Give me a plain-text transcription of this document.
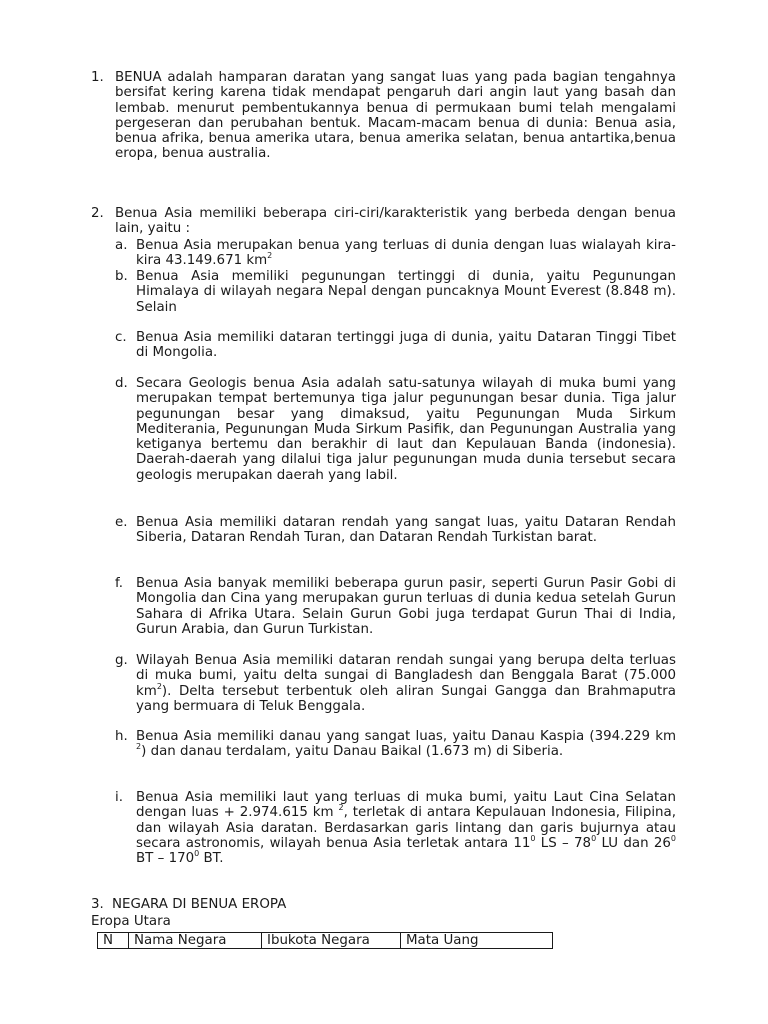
1. BENUA adalah hamparan daratan yang sangat luas yang pada bagian tengahnya bersifat kering karena tidak mendapat pengaruh dari angin laut yang basah dan lembab. menurut pembentukannya benua di permukaan bumi telah mengalami pergeseran dan perubahan bentuk. Macam-macam benua di dunia: Benua asia, benua afrika, benua amerika utara, benua amerika selatan, benua antartika,benua eropa, benua australia.

2. Benua Asia memiliki beberapa ciri-ciri/karakteristik yang berbeda dengan benua lain, yaitu :

a. Benua Asia merupakan benua yang terluas di dunia dengan luas wialayah kira-kira 43.149.671 $km^2$

b. Benua Asia memiliki pegunungan tertinggi di dunia, yaitu Pegunungan Himalaya di wilayah negara Nepal dengan puncaknya Mount Everest (8.848 m). Selain

c. Benua Asia memiliki dataran tertinggi juga di dunia, yaitu Dataran Tinggi Tibet di Mongolia.

d. Secara Geologis benua Asia adalah satu-satunya wilayah di muka bumi yang merupakan tempat bertemunya tiga jalur pegunungan besar dunia. Tiga jalur pegunungan besar yang dimaksud, yaitu Pegunungan Muda Sirkum Mediterania, Pegunungan Muda Sirkum Pasifik, dan Pegunungan Australia yang ketiganya bertemu dan berakhir di laut dan Kepulauan Banda (indonesia). Daerah-daerah yang dilalui tiga jalur pegunungan muda dunia tersebut secara geologis merupakan daerah yang labil.

e. Benua Asia memiliki dataran rendah yang sangat luas, yaitu Dataran Rendah Siberia, Dataran Rendah Turan, dan Dataran Rendah Turkistan barat.

f. Benua Asia banyak memiliki beberapa gurun pasir, seperti Gurun Pasir Gobi di Mongolia dan Cina yang merupakan gurun terluas di dunia kedua setelah Gurun Sahara di Afrika Utara. Selain Gurun Gobi juga terdapat Gurun Thai di India, Gurun Arabia, dan Gurun Turkistan.

g. Wilayah Benua Asia memiliki dataran rendah sungai yang berupa delta terluas di muka bumi, yaitu delta sungai di Bangladesh dan Benggala Barat (75.000 $km^2$). Delta tersebut terbentuk oleh aliran Sungai Gangga dan Brahmaputra yang bermuara di Teluk Benggala.

h. Benua Asia memiliki danau yang sangat luas, yaitu Danau Kaspia (394.229 km $^2$) dan danau terdalam, yaitu Danau Baikal (1.673 m) di Siberia.

i. Benua Asia memiliki laut yang terluas di muka bumi, yaitu Laut Cina Selatan dengan luas + 2.974.615 km $^2$, terletak di antara Kepulauan Indonesia, Filipina, dan wilayah Asia daratan. Berdasarkan garis lintang dan garis bujurnya atau secara astronomis, wilayah benua Asia terletak antara $11^0$ LS – $78^0$ LU dan $26^0$ BT – $170^0$ BT.

3. NEGARA DI BENUA EROPA
Eropa Utara
N	Nama Negara	Ibukota Negara	Mata Uang
